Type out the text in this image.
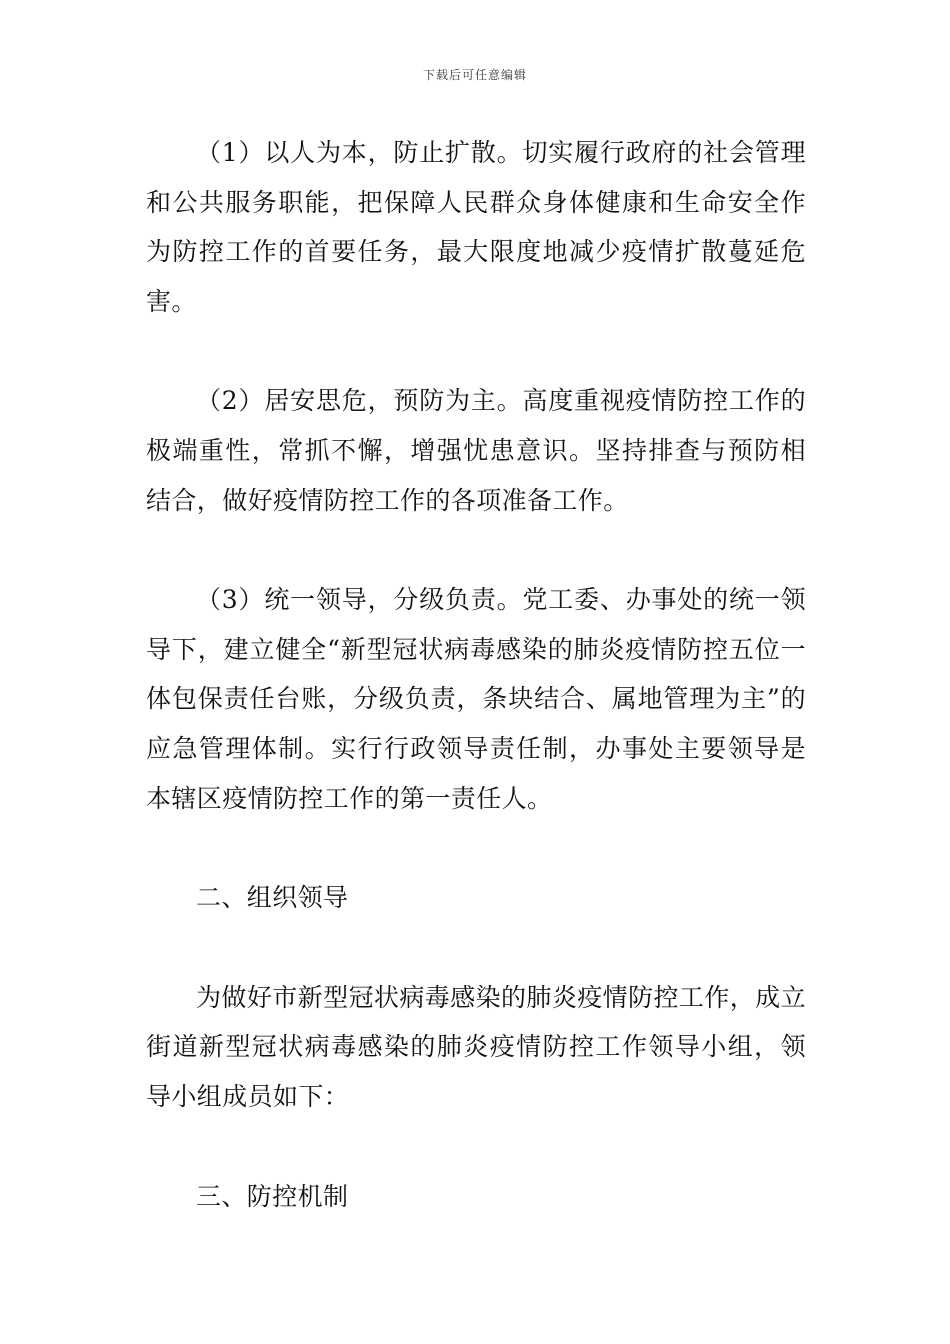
下载后可任意编辑

（1）以人为本，防止扩散。切实履行政府的社会管理和公共服务职能，把保障人民群众身体健康和生命安全作为防控工作的首要任务，最大限度地减少疫情扩散蔓延危害。

（2）居安思危，预防为主。高度重视疫情防控工作的极端重性，常抓不懈，增强忧患意识。坚持排查与预防相结合，做好疫情防控工作的各项准备工作。

（3）统一领导，分级负责。党工委、办事处的统一领导下，建立健全“新型冠状病毒感染的肺炎疫情防控五位一体包保责任台账，分级负责，条块结合、属地管理为主”的应急管理体制。实行行政领导责任制，办事处主要领导是本辖区疫情防控工作的第一责任人。

二、组织领导

为做好市新型冠状病毒感染的肺炎疫情防控工作，成立街道新型冠状病毒感染的肺炎疫情防控工作领导小组，领导小组成员如下：

三、防控机制
